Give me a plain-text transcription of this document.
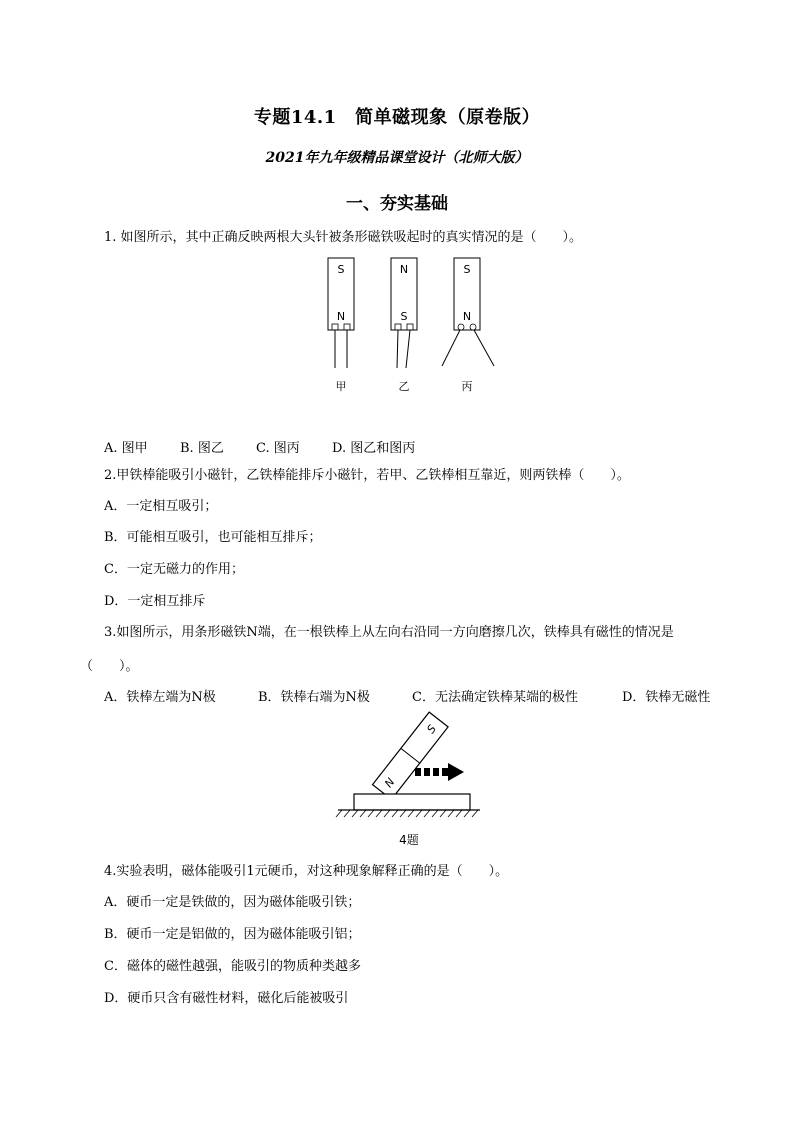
专题14.1　简单磁现象（原卷版）
2021年九年级精品课堂设计（北师大版）
一、夯实基础
1. 如图所示，其中正确反映两根大头针被条形磁铁吸起时的真实情况的是（　　）。
S
N
甲
N
S
乙
S
N
丙
A. 图甲 B. 图乙 C. 图丙 D. 图乙和图丙
2.甲铁棒能吸引小磁针，乙铁棒能排斥小磁针，若甲、乙铁棒相互靠近，则两铁棒（　　）。
A．一定相互吸引；
B．可能相互吸引，也可能相互排斥；
C．一定无磁力的作用；
D．一定相互排斥
3.如图所示，用条形磁铁N端，在一根铁棒上从左向右沿同一方向磨擦几次，铁棒具有磁性的情况是
（　　）。
A．铁棒左端为N极	B．铁棒右端为N极	C．无法确定铁棒某端的极性	D．铁棒无磁性
N
S
4题
4.实验表明，磁体能吸引1元硬币，对这种现象解释正确的是（　　）。
A．硬币一定是铁做的，因为磁体能吸引铁；
B．硬币一定是铝做的，因为磁体能吸引铝；
C．磁体的磁性越强，能吸引的物质种类越多
D．硬币只含有磁性材料，磁化后能被吸引
